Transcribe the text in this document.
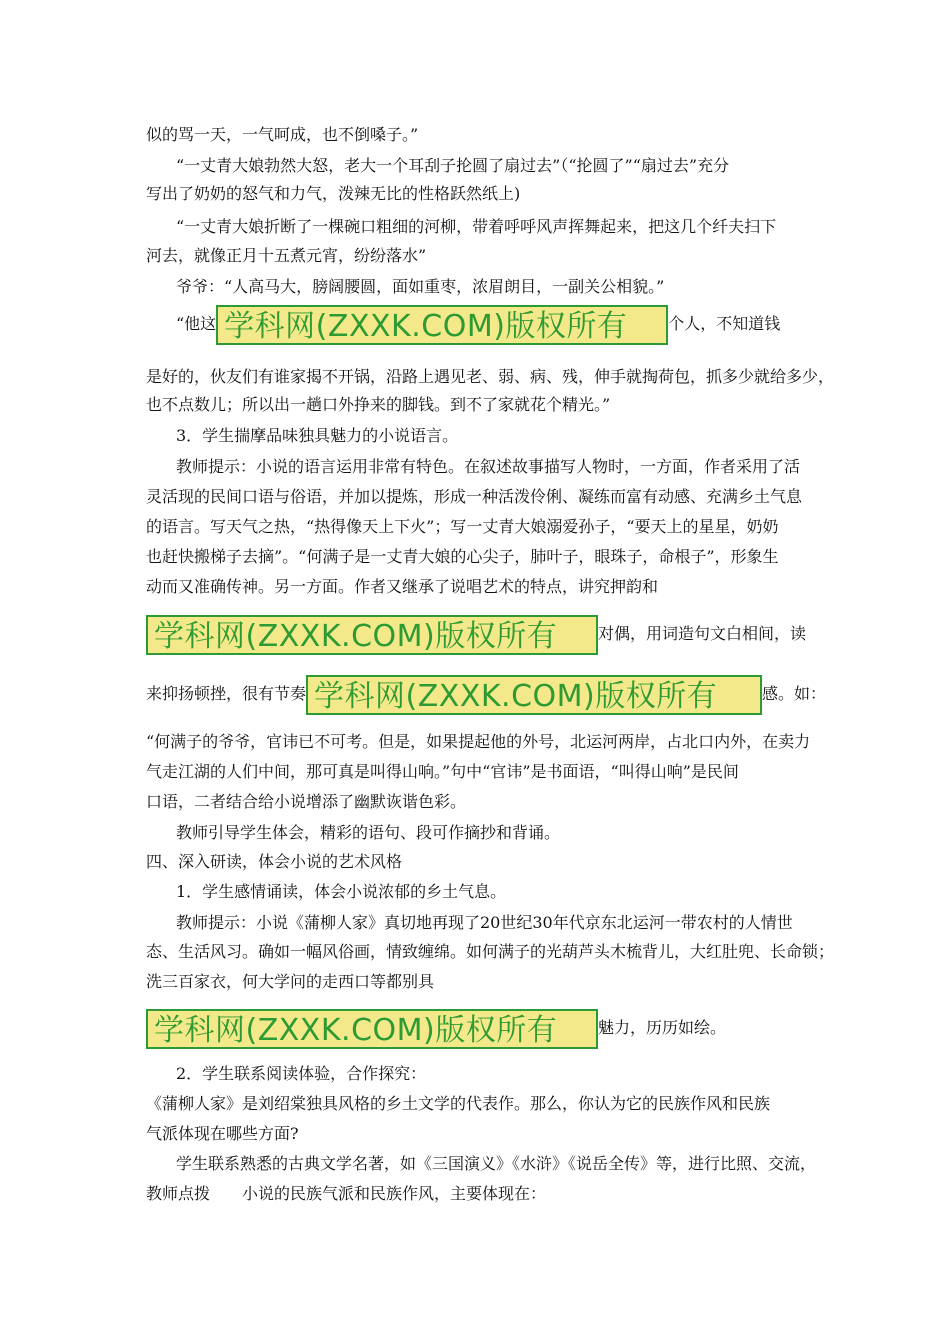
似的骂一天，一气呵成，也不倒嗓子。”
“一丈青大娘勃然大怒，老大一个耳刮子抡圆了扇过去”（“抡圆了”“扇过去”充分
写出了奶奶的怒气和力气，泼辣无比的性格跃然纸上)
“一丈青大娘折断了一棵碗口粗细的河柳，带着呼呼风声挥舞起来，把这几个纤夫扫下
河去，就像正月十五煮元宵，纷纷落水”
爷爷：“人高马大，膀阔腰圆，面如重枣，浓眉朗目，一副关公相貌。”
“他这 学科网(ZXXK.COM)版权所有	个人，不知道钱
是好的，伙友们有谁家揭不开锅，沿路上遇见老、弱、病、残，伸手就掏荷包，抓多少就给多少，
也不点数儿；所以出一趟口外挣来的脚钱。到不了家就花个精光。”
3．学生揣摩品味独具魅力的小说语言。
教师提示：小说的语言运用非常有特色。在叙述故事描写人物时，一方面，作者采用了活
灵活现的民间口语与俗语，并加以提炼，形成一种活泼伶俐、凝练而富有动感、充满乡土气息
的语言。写天气之热，“热得像天上下火”；写一丈青大娘溺爱孙子，“要天上的星星，奶奶
也赶快搬梯子去摘”。“何满子是一丈青大娘的心尖子，肺叶子，眼珠子，命根子”，形象生
动而又准确传神。另一方面。作者又继承了说唱艺术的特点，讲究押韵和
学科网(ZXXK.COM)版权所有	对偶，用词造句文白相间，读
来抑扬顿挫，很有节奏 学科网(ZXXK.COM)版权所有	感。如：
“何满子的爷爷，官讳已不可考。但是，如果提起他的外号，北运河两岸，占北口内外，在卖力
气走江湖的人们中间，那可真是叫得山响。”句中“官讳”是书面语，“叫得山响”是民间
口语，二者结合给小说增添了幽默诙谐色彩。
教师引导学生体会，精彩的语句、段可作摘抄和背诵。
四、深入研读，体会小说的艺术风格
1．学生感情诵读，体会小说浓郁的乡土气息。
教师提示：小说《蒲柳人家》真切地再现了20世纪30年代京东北运河一带农村的人情世
态、生活风习。确如一幅风俗画，情致缠绵。如何满子的光葫芦头木梳背儿，大红肚兜、长命锁；
洗三百家衣，何大学问的走西口等都别具
学科网(ZXXK.COM)版权所有	魅力，历历如绘。
2．学生联系阅读体验，合作探究：
《蒲柳人家》是刘绍棠独具风格的乡土文学的代表作。那么，你认为它的民族作风和民族
气派体现在哪些方面?
学生联系熟悉的古典文学名著，如《三国演义》《水浒》《说岳全传》等，进行比照、交流，
教师点拨　　小说的民族气派和民族作风，主要体现在：
